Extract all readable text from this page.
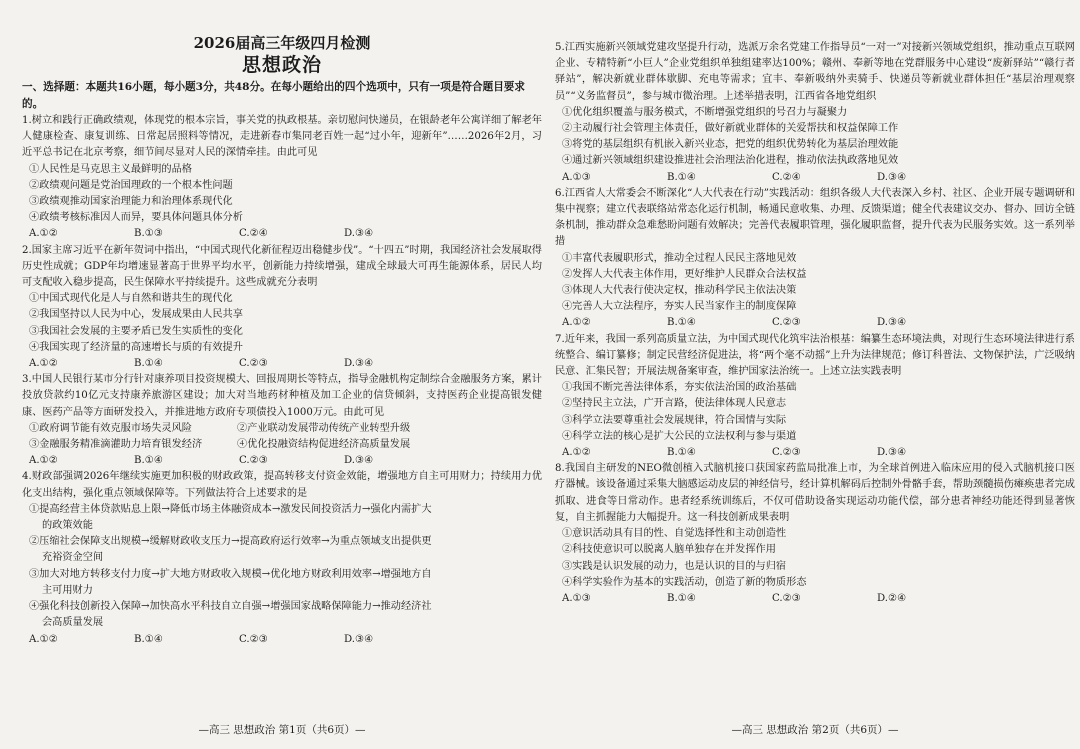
2026届高三年级四月检测
思想政治
一、选择题：本题共16小题，每小题3分，共48分。在每小题给出的四个选项中，只有一项是符合题目要求的。
1.树立和践行正确政绩观，体现党的根本宗旨，事关党的执政根基。亲切慰问快递员，在银龄老年公寓详细了解老年人健康检查、康复训练、日常起居照料等情况，走进新春市集同老百姓一起“过小年，迎新年”……2026年2月，习近平总书记在北京考察，细节间尽显对人民的深情牵挂。由此可见
①人民性是马克思主义最鲜明的品格
②政绩观问题是党治国理政的一个根本性问题
③政绩观推动国家治理能力和治理体系现代化
④政绩考核标准因人而异，要具体问题具体分析
A.①②	B.①③	C.②④	D.③④
2.国家主席习近平在新年贺词中指出，“中国式现代化新征程迈出稳健步伐”。“十四五”时期，我国经济社会发展取得历史性成就；GDP年均增速显著高于世界平均水平，创新能力持续增强，建成全球最大可再生能源体系，居民人均可支配收入稳步提高，民生保障水平持续提升。这些成就充分表明
①中国式现代化是人与自然和谐共生的现代化
②我国坚持以人民为中心，发展成果由人民共享
③我国社会发展的主要矛盾已发生实质性的变化
④我国实现了经济量的高速增长与质的有效提升
A.①②	B.①④	C.②③	D.③④
3.中国人民银行某市分行针对康养项目投资规模大、回报周期长等特点，指导金融机构定制综合金融服务方案，累计投放贷款约10亿元支持康养旅游区建设；加大对当地药材种植及加工企业的信贷倾斜，支持医药企业提高银发健康、医药产品等方面研发投入，并推进地方政府专项债投入1000万元。由此可见
①政府调节能有效克服市场失灵风险	②产业联动发展带动传统产业转型升级
③金融服务精准滴灌助力培育银发经济	④优化投融资结构促进经济高质量发展
A.①②	B.①④	C.②③	D.③④
4.财政部强调2026年继续实施更加积极的财政政策，提高转移支付资金效能，增强地方自主可用财力；持续用力优化支出结构，强化重点领域保障等。下列做法符合上述要求的是
①提高经营主体贷款贴息上限→降低市场主体融资成本→激发民间投资活力→强化内需扩大
的政策效能
②压缩社会保障支出规模→缓解财政收支压力→提高政府运行效率→为重点领域支出提供更
充裕资金空间
③加大对地方转移支付力度→扩大地方财政收入规模→优化地方财政利用效率→增强地方自
主可用财力
④强化科技创新投入保障→加快高水平科技自立自强→增强国家战略保障能力→推动经济社
会高质量发展
A.①②	B.①④	C.②③	D.③④
—高三 思想政治 第1页（共6页）—
5.江西实施新兴领域党建攻坚提升行动，选派万余名党建工作指导员“一对一”对接新兴领域党组织，推动重点互联网企业、专精特新“小巨人”企业党组织单独组建率达100%；赣州、奉新等地在党群服务中心建设“废新驿站”“赣行者驿站”，解决新就业群体歇脚、充电等需求；宜丰、奉新吸纳外卖骑手、快递员等新就业群体担任“基层治理观察员”“义务监督员”，参与城市微治理。上述举措表明，江西省各地党组织
①优化组织覆盖与服务模式，不断增强党组织的号召力与凝聚力
②主动履行社会管理主体责任，做好新就业群体的关爱帮扶和权益保障工作
③将党的基层组织有机嵌入新兴业态，把党的组织优势转化为基层治理效能
④通过新兴领域组织建设推进社会治理法治化进程，推动依法执政落地见效
A.①③	B.①④	C.②④	D.③④
6.江西省人大常委会不断深化“人大代表在行动”实践活动：组织各级人大代表深入乡村、社区、企业开展专题调研和集中视察；建立代表联络站常态化运行机制，畅通民意收集、办理、反馈渠道；健全代表建议交办、督办、回访全链条机制，推动群众急难愁盼问题有效解决；完善代表履职管理，强化履职监督，提升代表为民服务实效。这一系列举措
①丰富代表履职形式，推动全过程人民民主落地见效
②发挥人大代表主体作用，更好维护人民群众合法权益
③体现人大代表行使决定权，推动科学民主依法决策
④完善人大立法程序，夯实人民当家作主的制度保障
A.①②	B.①④	C.②③	D.③④
7.近年来，我国一系列高质量立法，为中国式现代化筑牢法治根基：编纂生态环境法典，对现行生态环境法律进行系统整合、编订纂修；制定民营经济促进法，将“两个毫不动摇”上升为法律规范；修订科普法、文物保护法，广泛吸纳民意、汇集民智；开展法规备案审查，维护国家法治统一。上述立法实践表明
①我国不断完善法律体系，夯实依法治国的政治基础
②坚持民主立法，广开言路，使法律体现人民意志
③科学立法要尊重社会发展规律，符合国情与实际
④科学立法的核心是扩大公民的立法权利与参与渠道
A.①②	B.①④	C.②③	D.③④
8.我国自主研发的NEO微创植入式脑机接口获国家药监局批准上市，为全球首例进入临床应用的侵入式脑机接口医疗器械。该设备通过采集大脑感运动皮层的神经信号，经计算机解码后控制外骨骼手套，帮助颈髓损伤瘫痪患者完成抓取、进食等日常动作。患者经系统训练后，不仅可借助设备实现运动功能代偿，部分患者神经功能还得到显著恢复，自主抓握能力大幅提升。这一科技创新成果表明
①意识活动具有目的性、自觉选择性和主动创造性
②科技使意识可以脱离人脑单独存在并发挥作用
③实践是认识发展的动力，也是认识的目的与归宿
④科学实验作为基本的实践活动，创造了新的物质形态
A.①③	B.①④	C.②③	D.②④
—高三 思想政治 第2页（共6页）—
